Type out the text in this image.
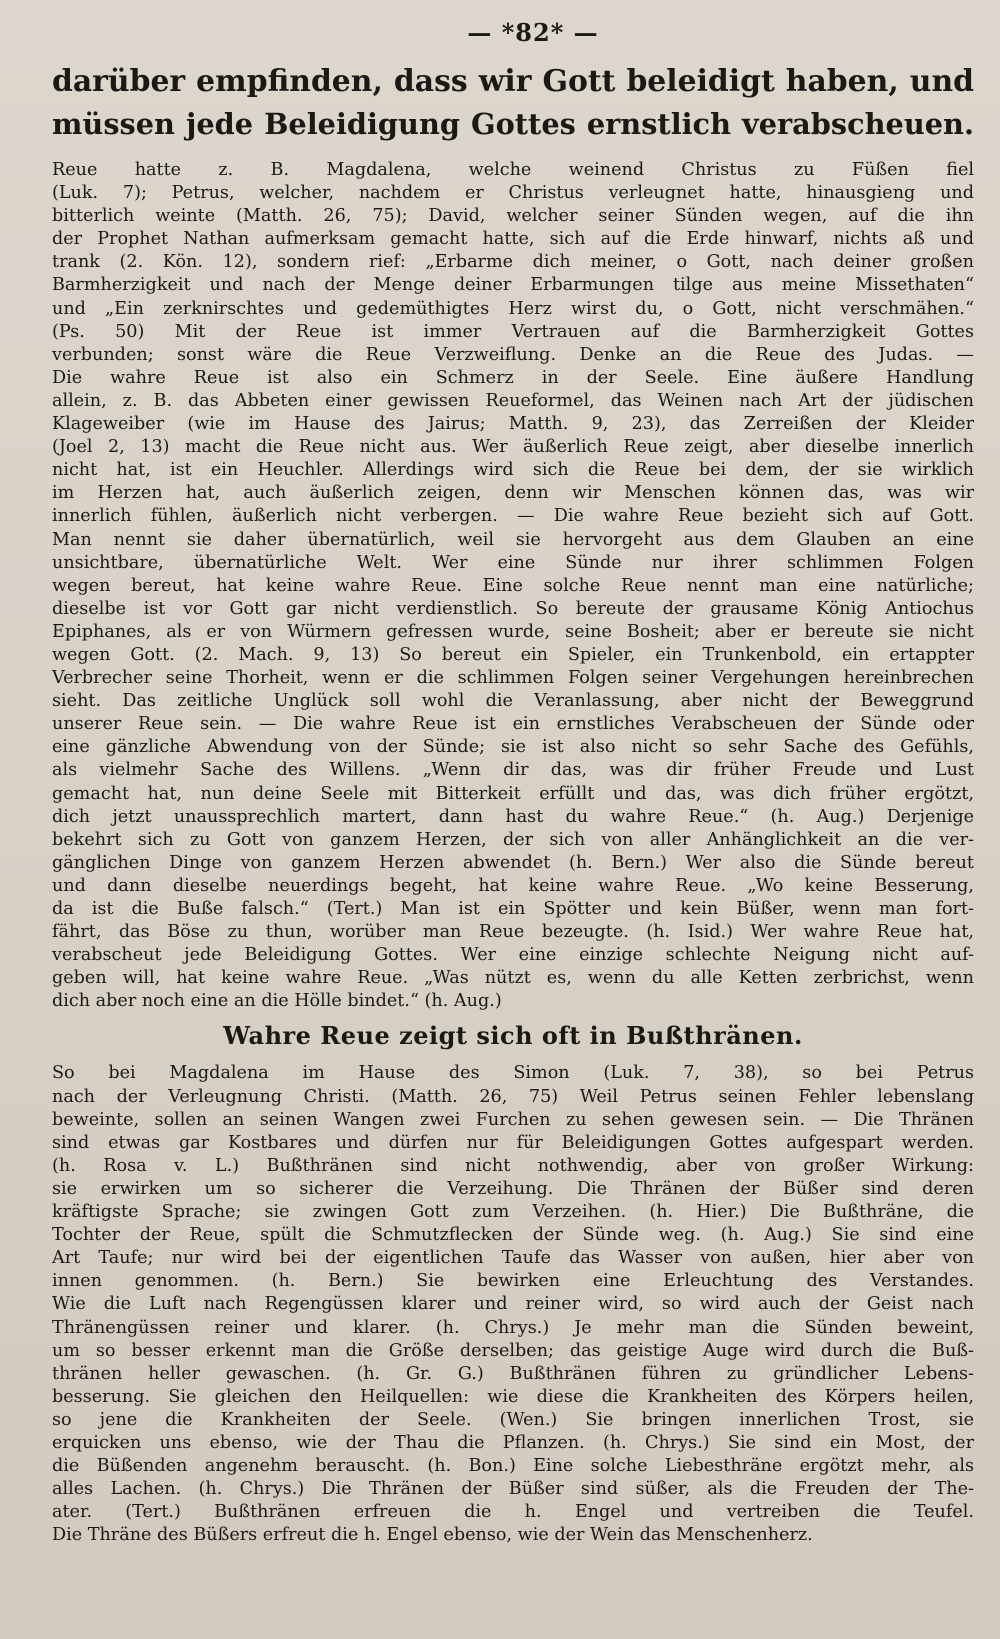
— *82* —
darüber empfinden, dass wir Gott beleidigt haben, und
müssen jede Beleidigung Gottes ernstlich verabscheuen.
Reue hatte z. B. Magdalena, welche weinend Christus zu Füßen fiel
(Luk. 7); Petrus, welcher, nachdem er Christus verleugnet hatte, hinausgieng und
bitterlich weinte (Matth. 26, 75); David, welcher seiner Sünden wegen, auf die ihn
der Prophet Nathan aufmerksam gemacht hatte, sich auf die Erde hinwarf, nichts aß und
trank (2. Kön. 12), sondern rief: „Erbarme dich meiner, o Gott, nach deiner großen
Barmherzigkeit und nach der Menge deiner Erbarmungen tilge aus meine Missethaten“
und „Ein zerknirschtes und gedemüthigtes Herz wirst du, o Gott, nicht verschmähen.“
(Ps. 50) Mit der Reue ist immer Vertrauen auf die Barmherzigkeit Gottes
verbunden; sonst wäre die Reue Verzweiflung. Denke an die Reue des Judas. —
Die wahre Reue ist also ein Schmerz in der Seele. Eine äußere Handlung
allein, z. B. das Abbeten einer gewissen Reueformel, das Weinen nach Art der jüdischen
Klageweiber (wie im Hause des Jairus; Matth. 9, 23), das Zerreißen der Kleider
(Joel 2, 13) macht die Reue nicht aus. Wer äußerlich Reue zeigt, aber dieselbe innerlich
nicht hat, ist ein Heuchler. Allerdings wird sich die Reue bei dem, der sie wirklich
im Herzen hat, auch äußerlich zeigen, denn wir Menschen können das, was wir
innerlich fühlen, äußerlich nicht verbergen. — Die wahre Reue bezieht sich auf Gott.
Man nennt sie daher übernatürlich, weil sie hervorgeht aus dem Glauben an eine
unsichtbare, übernatürliche Welt. Wer eine Sünde nur ihrer schlimmen Folgen
wegen bereut, hat keine wahre Reue. Eine solche Reue nennt man eine natürliche;
dieselbe ist vor Gott gar nicht verdienstlich. So bereute der grausame König Antiochus
Epiphanes, als er von Würmern gefressen wurde, seine Bosheit; aber er bereute sie nicht
wegen Gott. (2. Mach. 9, 13) So bereut ein Spieler, ein Trunkenbold, ein ertappter
Verbrecher seine Thorheit, wenn er die schlimmen Folgen seiner Vergehungen hereinbrechen
sieht. Das zeitliche Unglück soll wohl die Veranlassung, aber nicht der Beweggrund
unserer Reue sein. — Die wahre Reue ist ein ernstliches Verabscheuen der Sünde oder
eine gänzliche Abwendung von der Sünde; sie ist also nicht so sehr Sache des Gefühls,
als vielmehr Sache des Willens. „Wenn dir das, was dir früher Freude und Lust
gemacht hat, nun deine Seele mit Bitterkeit erfüllt und das, was dich früher ergötzt,
dich jetzt unaussprechlich martert, dann hast du wahre Reue.“ (h. Aug.) Derjenige
bekehrt sich zu Gott von ganzem Herzen, der sich von aller Anhänglichkeit an die ver-
gänglichen Dinge von ganzem Herzen abwendet (h. Bern.) Wer also die Sünde bereut
und dann dieselbe neuerdings begeht, hat keine wahre Reue. „Wo keine Besserung,
da ist die Buße falsch.“ (Tert.) Man ist ein Spötter und kein Büßer, wenn man fort-
fährt, das Böse zu thun, worüber man Reue bezeugte. (h. Isid.) Wer wahre Reue hat,
verabscheut jede Beleidigung Gottes. Wer eine einzige schlechte Neigung nicht auf-
geben will, hat keine wahre Reue. „Was nützt es, wenn du alle Ketten zerbrichst, wenn
dich aber noch eine an die Hölle bindet.“ (h. Aug.)
Wahre Reue zeigt sich oft in Bußthränen.
So bei Magdalena im Hause des Simon (Luk. 7, 38), so bei Petrus
nach der Verleugnung Christi. (Matth. 26, 75) Weil Petrus seinen Fehler lebenslang
beweinte, sollen an seinen Wangen zwei Furchen zu sehen gewesen sein. — Die Thränen
sind etwas gar Kostbares und dürfen nur für Beleidigungen Gottes aufgespart werden.
(h. Rosa v. L.) Bußthränen sind nicht nothwendig, aber von großer Wirkung:
sie erwirken um so sicherer die Verzeihung. Die Thränen der Büßer sind deren
kräftigste Sprache; sie zwingen Gott zum Verzeihen. (h. Hier.) Die Bußthräne, die
Tochter der Reue, spült die Schmutzflecken der Sünde weg. (h. Aug.) Sie sind eine
Art Taufe; nur wird bei der eigentlichen Taufe das Wasser von außen, hier aber von
innen genommen. (h. Bern.) Sie bewirken eine Erleuchtung des Verstandes.
Wie die Luft nach Regengüssen klarer und reiner wird, so wird auch der Geist nach
Thränengüssen reiner und klarer. (h. Chrys.) Je mehr man die Sünden beweint,
um so besser erkennt man die Größe derselben; das geistige Auge wird durch die Buß-
thränen heller gewaschen. (h. Gr. G.) Bußthränen führen zu gründlicher Lebens-
besserung. Sie gleichen den Heilquellen: wie diese die Krankheiten des Körpers heilen,
so jene die Krankheiten der Seele. (Wen.) Sie bringen innerlichen Trost, sie
erquicken uns ebenso, wie der Thau die Pflanzen. (h. Chrys.) Sie sind ein Most, der
die Büßenden angenehm berauscht. (h. Bon.) Eine solche Liebesthräne ergötzt mehr, als
alles Lachen. (h. Chrys.) Die Thränen der Büßer sind süßer, als die Freuden der The-
ater. (Tert.) Bußthränen erfreuen die h. Engel und vertreiben die Teufel.
Die Thräne des Büßers erfreut die h. Engel ebenso, wie der Wein das Menschenherz.
